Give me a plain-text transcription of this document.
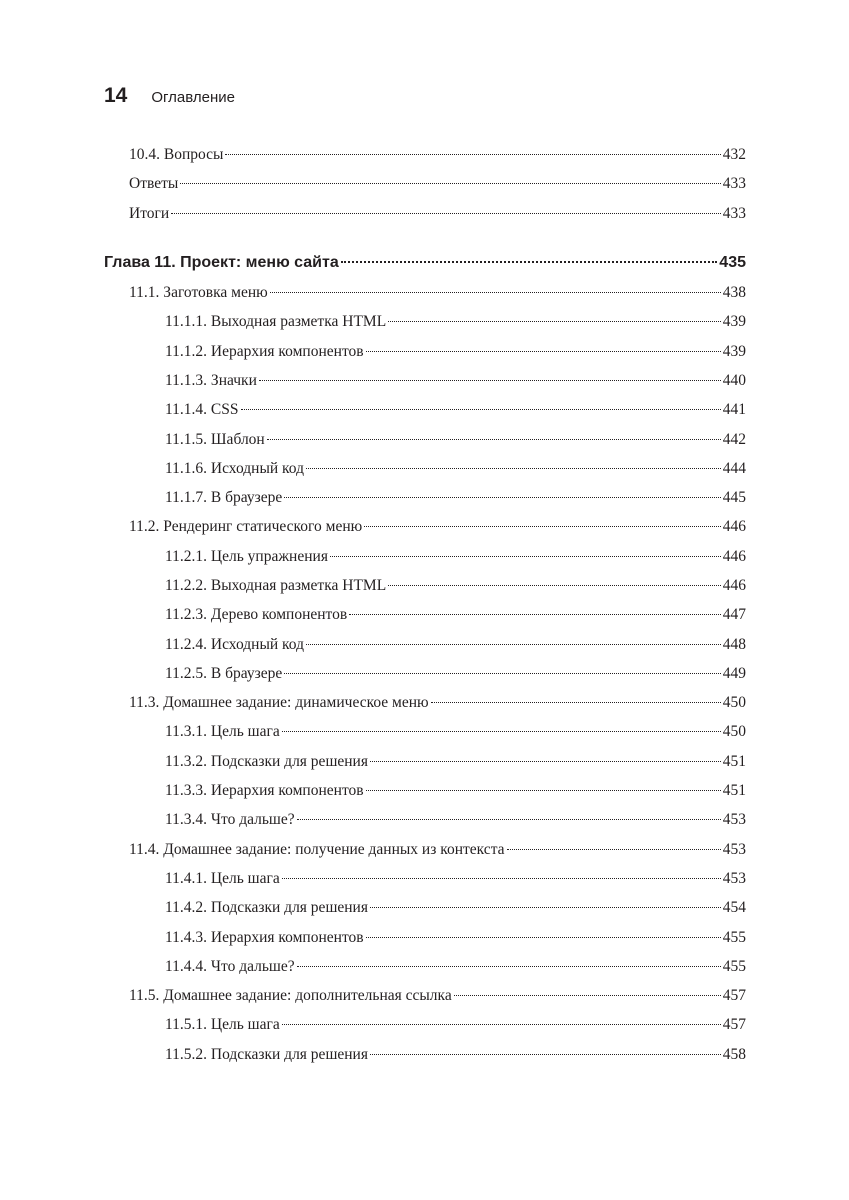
14 Оглавление
10.4. Вопросы	432
Ответы	433
Итоги	433
Глава 11. Проект: меню сайта	435
11.1. Заготовка меню	438
11.1.1. Выходная разметка HTML	439
11.1.2. Иерархия компонентов	439
11.1.3. Значки	440
11.1.4. CSS	441
11.1.5. Шаблон	442
11.1.6. Исходный код	444
11.1.7. В браузере	445
11.2. Рендеринг статического меню	446
11.2.1. Цель упражнения	446
11.2.2. Выходная разметка HTML	446
11.2.3. Дерево компонентов	447
11.2.4. Исходный код	448
11.2.5. В браузере	449
11.3. Домашнее задание: динамическое меню	450
11.3.1. Цель шага	450
11.3.2. Подсказки для решения	451
11.3.3. Иерархия компонентов	451
11.3.4. Что дальше?	453
11.4. Домашнее задание: получение данных из контекста	453
11.4.1. Цель шага	453
11.4.2. Подсказки для решения	454
11.4.3. Иерархия компонентов	455
11.4.4. Что дальше?	455
11.5. Домашнее задание: дополнительная ссылка	457
11.5.1. Цель шага	457
11.5.2. Подсказки для решения	458
